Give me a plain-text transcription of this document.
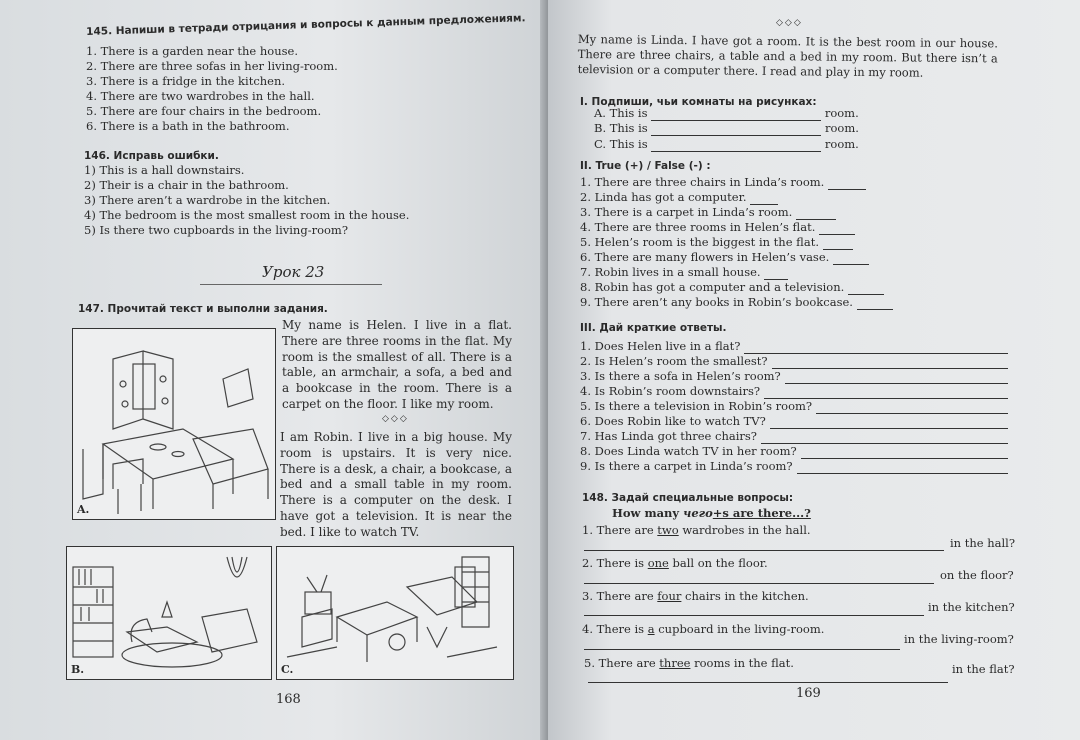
145. Напиши в тетради отрицания и вопросы к данным предложениям.
1. There is a garden near the house.
2. There are three sofas in her living-room.
3. There is a fridge in the kitchen.
4. There are two wardrobes in the hall.
5. There are four chairs in the bedroom.
6. There is a bath in the bathroom.
146. Исправь ошибки.
1) This is a hall downstairs.
2) Their is a chair in the bathroom.
3) There aren’t a wardrobe in the kitchen.
4) The bedroom is the most smallest room in the house.
5) Is there two cupboards in the living-room?
Урок 23
147. Прочитай текст и выполни задания.
My name is Helen. I live in a flat. There are three rooms in the flat. My room is the smallest of all. There is a table, an armchair, a sofa, a bed and a bookcase in the room. There is a carpet on the floor. I like my room.
◇◇◇
I am Robin. I live in a big house. My room is upstairs. It is very nice. There is a desk, a chair, a bookcase, a bed and a small table in my room. There is a computer on the desk. I have got a television. It is near the bed. I like to watch TV.
A.
B.	C.
168
◇◇◇
My name is Linda. I have got a room. It is the best room in our house. There are three chairs, a table and a bed in my room. But there isn’t a television or a computer there. I read and play in my room.
I. Подпиши, чьи комнаты на рисунках:
A. This is	room.
B. This is	room.
C. This is	room.
II. True (+) / False (-) :
1. There are three chairs in Linda’s room.
2. Linda has got a computer.
3. There is a carpet in Linda’s room.
4. There are three rooms in Helen’s flat.
5. Helen’s room is the biggest in the flat.
6. There are many flowers in Helen’s vase.
7. Robin lives in a small house.
8. Robin has got a computer and a television.
9. There aren’t any books in Robin’s bookcase.
III. Дай краткие ответы.
1. Does Helen live in a flat?
2. Is Helen’s room the smallest?
3. Is there a sofa in Helen’s room?
4. Is Robin’s room downstairs?
5. Is there a television in Robin’s room?
6. Does Robin like to watch TV?
7. Has Linda got three chairs?
8. Does Linda watch TV in her room?
9. Is there a carpet in Linda’s room?
148. Задай специальные вопросы:
How many чего+s are there...?
1. There are two wardrobes in the hall.
in the hall?
2. There is one ball on the floor.
on the floor?
3. There are four chairs in the kitchen.
in the kitchen?
4. There is a cupboard in the living-room.
in the living-room?
5. There are three rooms in the flat.	in the flat?
169
